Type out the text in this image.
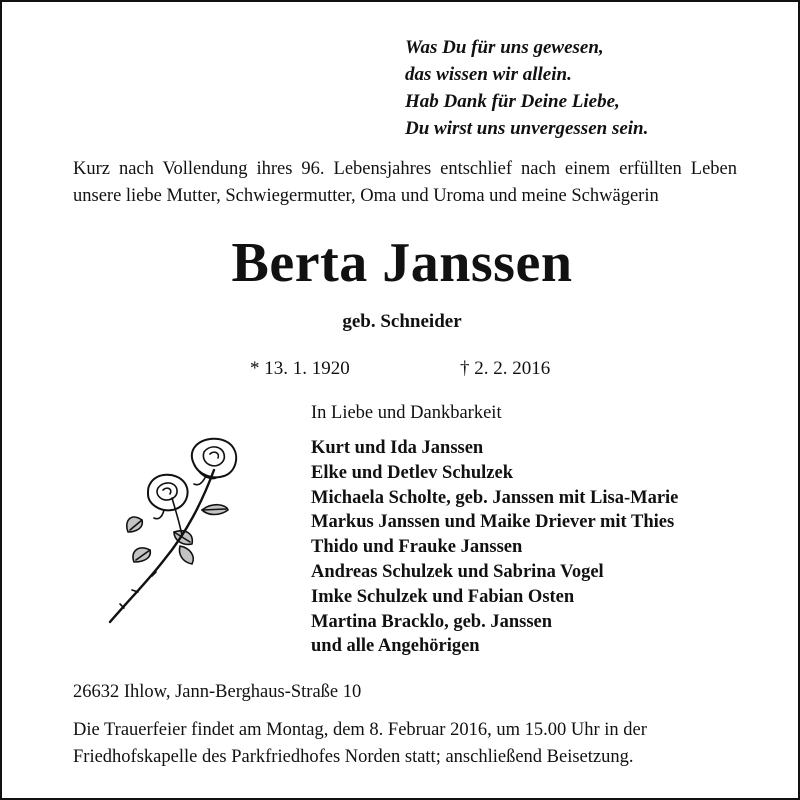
Was Du für uns gewesen,
das wissen wir allein.
Hab Dank für Deine Liebe,
Du wirst uns unvergessen sein.
Kurz nach Vollendung ihres 96. Lebensjahres entschlief nach einem erfüllten Leben unsere liebe Mutter, Schwiegermutter, Oma und Uroma und meine Schwägerin
Berta Janssen
geb. Schneider
* 13. 1. 1920	† 2. 2. 2016
In Liebe und Dankbarkeit
Kurt und Ida Janssen
Elke und Detlev Schulzek
Michaela Scholte, geb. Janssen mit Lisa-Marie
Markus Janssen und Maike Driever mit Thies
Thido und Frauke Janssen
Andreas Schulzek und Sabrina Vogel
Imke Schulzek und Fabian Osten
Martina Bracklo, geb. Janssen
und alle Angehörigen
26632 Ihlow, Jann-Berghaus-Straße 10
Die Trauerfeier findet am Montag, dem 8. Februar 2016, um 15.00 Uhr in der
Friedhofskapelle des Parkfriedhofes Norden statt; anschließend Beisetzung.
